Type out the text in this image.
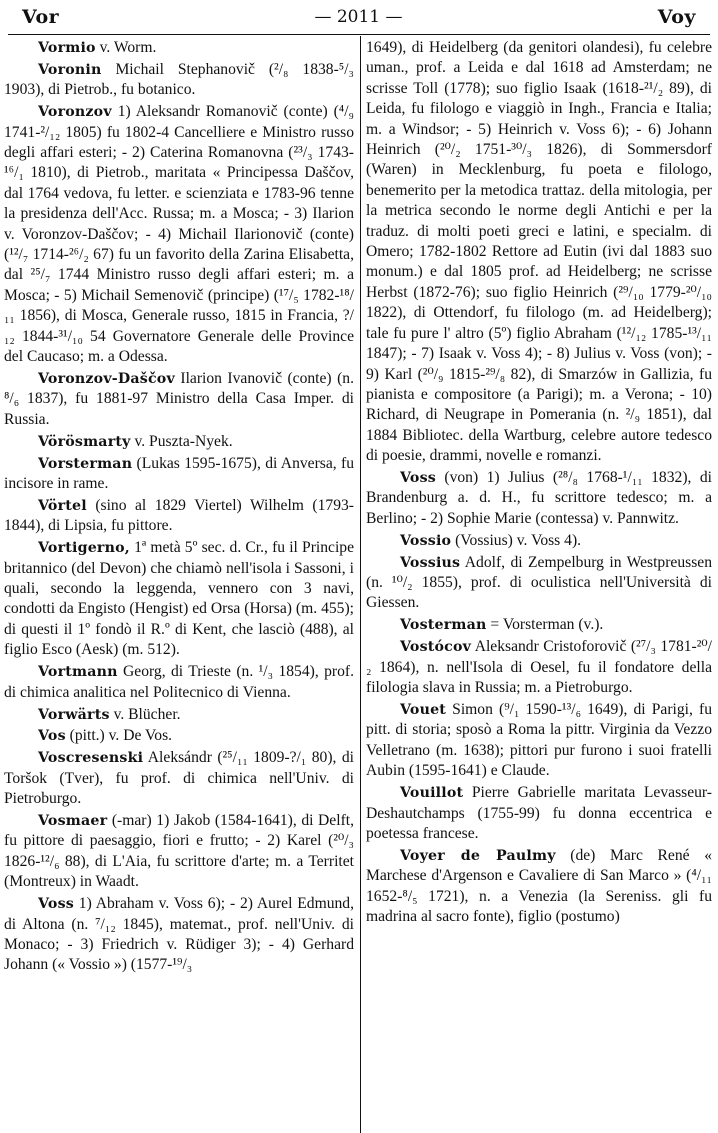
Vor	— 2011 —	Voy

Vormio v. Worm.

Voronin Michail Stephanovič (²/₈ 1838-⁵/₃ 1903), di Pietrob., fu botanico.

Voronzov 1) Aleksandr Romanovič (conte) (⁴/₉ 1741-²/₁₂ 1805) fu 1802-4 Cancelliere e Ministro russo degli affari esteri; - 2) Caterina Romanovna (²³/₃ 1743-¹⁶/₁ 1810), di Pietrob., maritata « Principessa Daščov, dal 1764 vedova, fu letter. e scienziata e 1783-96 tenne la presidenza dell'Acc. Russa; m. a Mosca; - 3) Ilarion v. Voronzov-Daščov; - 4) Michail Ilarionovič (conte) (¹²/₇ 1714-²⁶/₂ 67) fu un favorito della Zarina Elisabetta, dal ²⁵/₇ 1744 Ministro russo degli affari esteri; m. a Mosca; - 5) Michail Semenovič (principe) (¹⁷/₅ 1782-¹⁸/₁₁ 1856), di Mosca, Generale russo, 1815 in Francia, ?/₁₂ 1844-³¹/₁₀ 54 Governatore Generale delle Province del Caucaso; m. a Odessa.

Voronzov-Daščov Ilarion Ivanovič (conte) (n. ⁸/₆ 1837), fu 1881-97 Ministro della Casa Imper. di Russia.

Vörösmarty v. Puszta-Nyek.

Vorsterman (Lukas 1595-1675), di Anversa, fu incisore in rame.

Vörtel (sino al 1829 Viertel) Wilhelm (1793-1844), di Lipsia, fu pittore.

Vortigerno, 1ª metà 5º sec. d. Cr., fu il Principe britannico (del Devon) che chiamò nell'isola i Sassoni, i quali, secondo la leggenda, vennero con 3 navi, condotti da Engisto (Hengist) ed Orsa (Horsa) (m. 455); di questi il 1º fondò il R.º di Kent, che lasciò (488), al figlio Esco (Aesk) (m. 512).

Vortmann Georg, di Trieste (n. ¹/₃ 1854), prof. di chimica analitica nel Politecnico di Vienna.

Vorwärts v. Blücher.

Vos (pitt.) v. De Vos.

Voscresenski Aleksándr (²⁵/₁₁ 1809-?/₁ 80), di Toršok (Tver), fu prof. di chimica nell'Univ. di Pietroburgo.

Vosmaer (-mar) 1) Jakob (1584-1641), di Delft, fu pittore di paesaggio, fiori e frutto; - 2) Karel (²⁰/₃ 1826-¹²/₆ 88), di L'Aia, fu scrittore d'arte; m. a Territet (Montreux) in Waadt.

Voss 1) Abraham v. Voss 6); - 2) Aurel Edmund, di Altona (n. ⁷/₁₂ 1845), matemat., prof. nell'Univ. di Monaco; - 3) Friedrich v. Rüdiger 3); - 4) Gerhard Johann (« Vossio ») (1577-¹⁹/₃

1649), di Heidelberg (da genitori olandesi), fu celebre uman., prof. a Leida e dal 1618 ad Amsterdam; ne scrisse Toll (1778); suo figlio Isaak (1618-²¹/₂ 89), di Leida, fu filologo e viaggiò in Ingh., Francia e Italia; m. a Windsor; - 5) Heinrich v. Voss 6); - 6) Johann Heinrich (²⁰/₂ 1751-³⁰/₃ 1826), di Sommersdorf (Waren) in Mecklenburg, fu poeta e filologo, benemerito per la metodica trattaz. della mitologia, per la metrica secondo le norme degli Antichi e per la traduz. di molti poeti greci e latini, e specialm. di Omero; 1782-1802 Rettore ad Eutin (ivi dal 1883 suo monum.) e dal 1805 prof. ad Heidelberg; ne scrisse Herbst (1872-76); suo figlio Heinrich (²⁹/₁₀ 1779-²⁰/₁₀ 1822), di Ottendorf, fu filologo (m. ad Heidelberg); tale fu pure l' altro (5º) figlio Abraham (¹²/₁₂ 1785-¹³/₁₁ 1847); - 7) Isaak v. Voss 4); - 8) Julius v. Voss (von); - 9) Karl (²⁰/₉ 1815-²⁹/₈ 82), di Smarzów in Gallizia, fu pianista e compositore (a Parigi); m. a Verona; - 10) Richard, di Neugrape in Pomerania (n. ²/₉ 1851), dal 1884 Bibliotec. della Wartburg, celebre autore tedesco di poesie, drammi, novelle e romanzi.

Voss (von) 1) Julius (²⁸/₈ 1768-¹/₁₁ 1832), di Brandenburg a. d. H., fu scrittore tedesco; m. a Berlino; - 2) Sophie Marie (contessa) v. Pannwitz.

Vossio (Vossius) v. Voss 4).

Vossius Adolf, di Zempelburg in Westpreussen (n. ¹⁰/₂ 1855), prof. di oculistica nell'Università di Giessen.

Vosterman = Vorsterman (v.).

Vostócov Aleksandr Cristoforovič (²⁷/₃ 1781-²⁰/₂ 1864), n. nell'Isola di Oesel, fu il fondatore della filologia slava in Russia; m. a Pietroburgo.

Vouet Simon (⁹/₁ 1590-¹³/₆ 1649), di Parigi, fu pitt. di storia; sposò a Roma la pittr. Virginia da Vezzo Velletrano (m. 1638); pittori pur furono i suoi fratelli Aubin (1595-1641) e Claude.

Vouillot Pierre Gabrielle maritata Levasseur-Deshautchamps (1755-99) fu donna eccentrica e poetessa francese.

Voyer de Paulmy (de) Marc René « Marchese d'Argenson e Cavaliere di San Marco » (⁴/₁₁ 1652-⁸/₅ 1721), n. a Venezia (la Sereniss. gli fu madrina al sacro fonte), figlio (postumo)
